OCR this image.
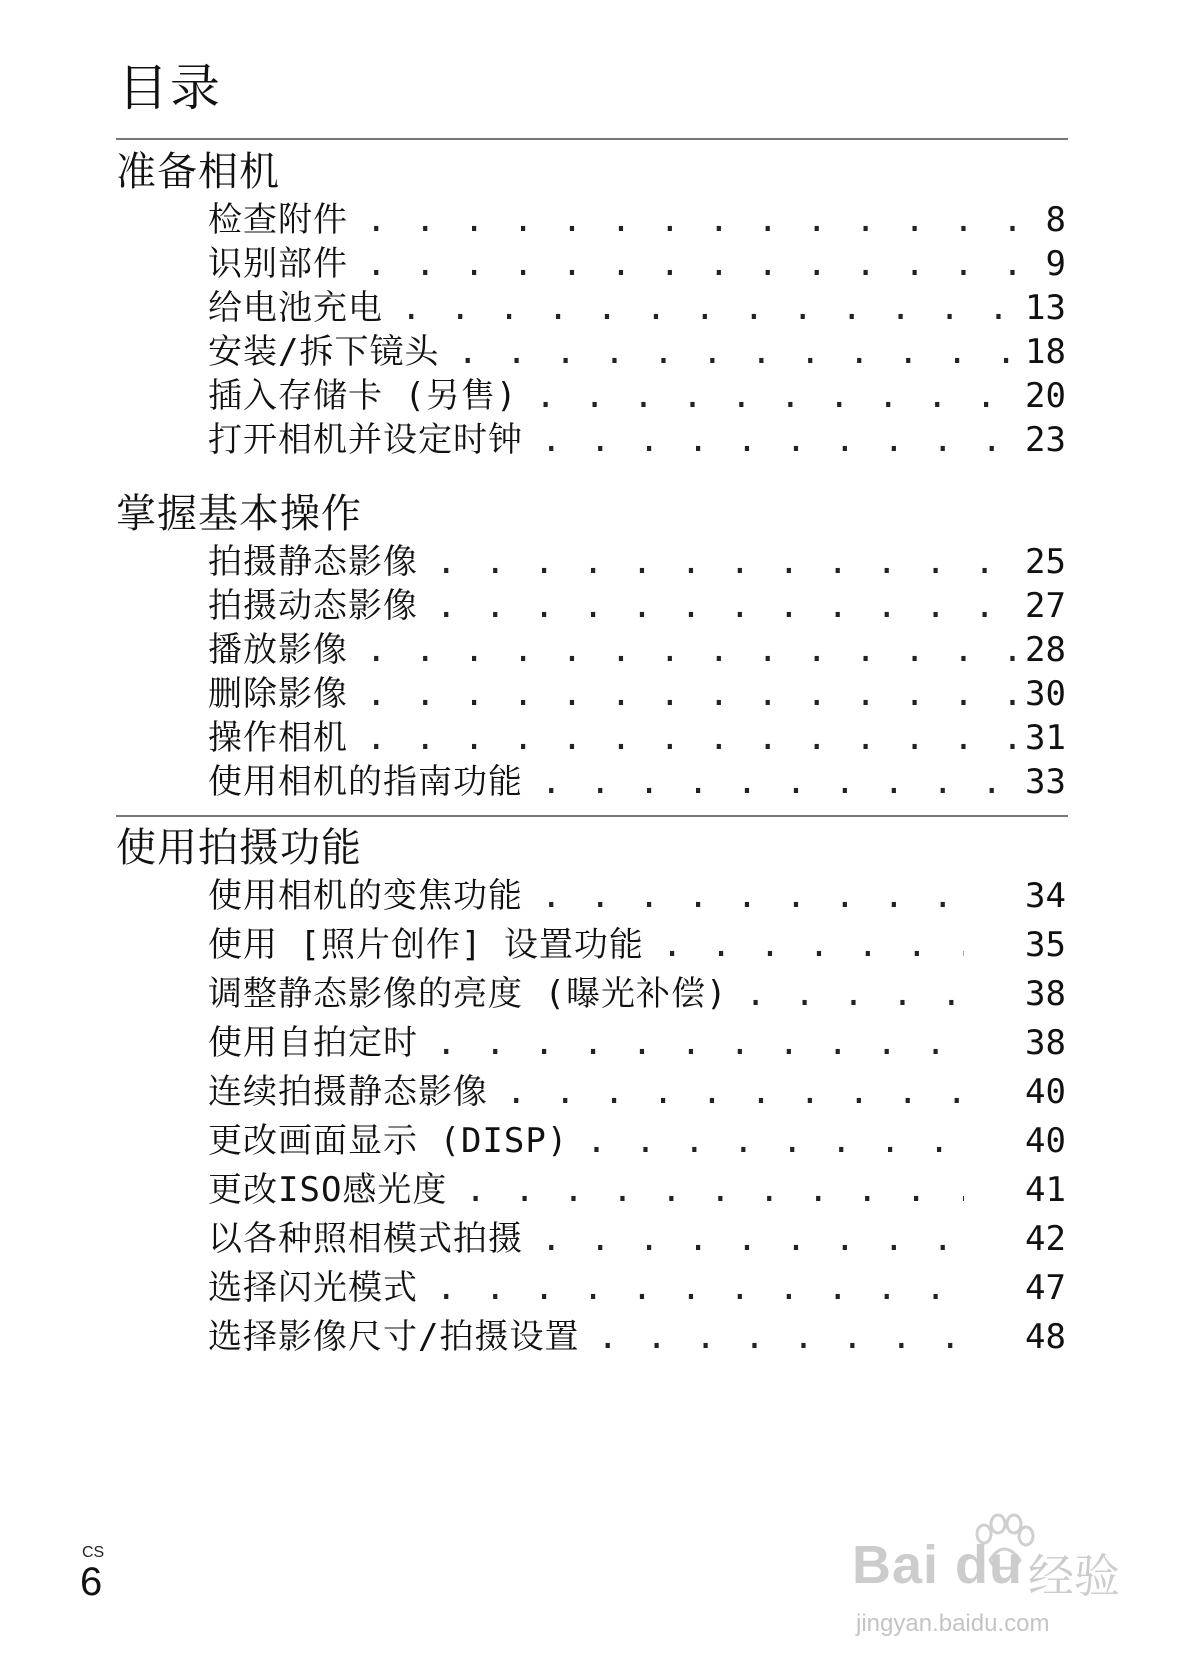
目录
准备相机
检查附件 . . .	8
识别部件 . . .	9
给电池充电 . . .	13
安装/拆下镜头 . . .	18
插入存储卡 (另售) . . .	20
打开相机并设定时钟 . . .	23
掌握基本操作
拍摄静态影像 . . .	25
拍摄动态影像 . . .	27
播放影像 . . .	28
删除影像 . . .	30
操作相机 . . .	31
使用相机的指南功能 . . .	33
使用拍摄功能
使用相机的变焦功能 . . .	34
使用 [照片创作] 设置功能 . . .	35
调整静态影像的亮度 (曝光补偿) . . .	38
使用自拍定时 . . .	38
连续拍摄静态影像 . . .	40
更改画面显示 (DISP) . . .	40
更改ISO感光度 . . .	41
以各种照相模式拍摄 . . .	42
选择闪光模式 . . .	47
选择影像尺寸/拍摄设置 . . .	48
CS
6	Bai du 经验
jingyan.baidu.com
